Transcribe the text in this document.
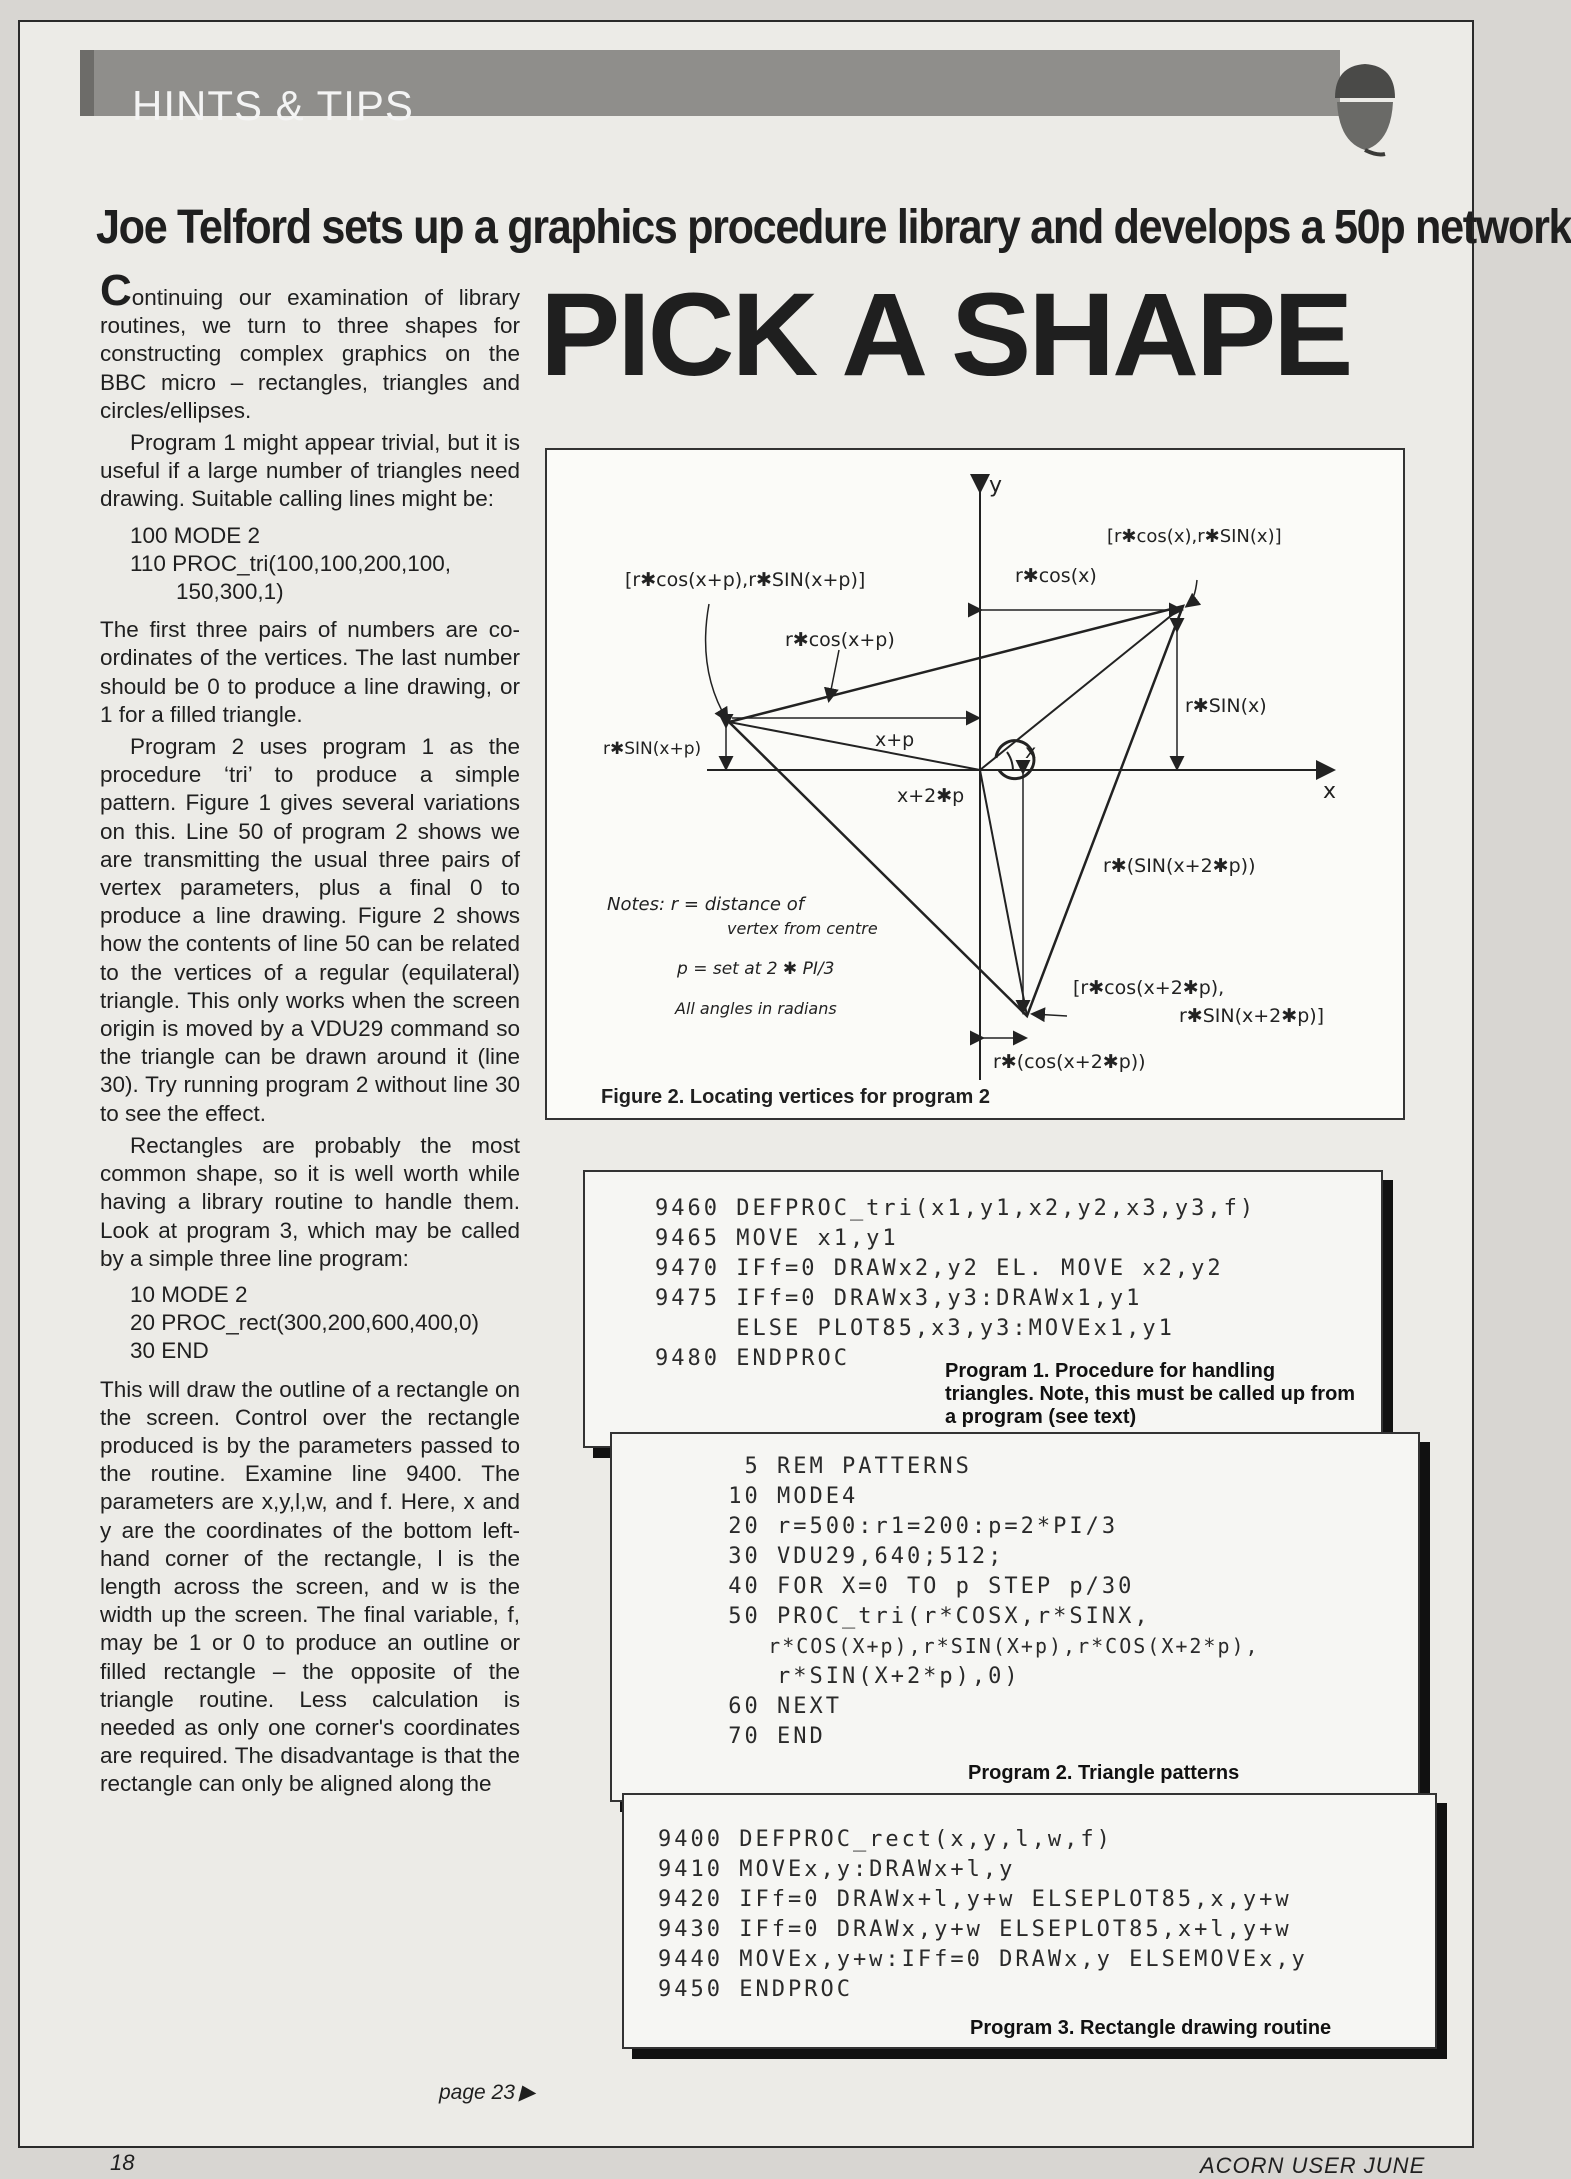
HINTS & TIPS
Joe Telford sets up a graphics procedure library and develops a 50p network
PICK A SHAPE

Continuing our examination of library routines, we turn to three shapes for constructing complex graphics on the BBC micro – rectangles, triangles and circles/ellipses.

Program 1 might appear trivial, but it is useful if a large number of triangles need drawing. Suitable calling lines might be:

100 MODE 2
110 PROC_tri(100,100,200,100,
150,300,1)

The first three pairs of numbers are co-ordinates of the vertices. The last number should be 0 to produce a line drawing, or 1 for a filled triangle.

Program 2 uses program 1 as the procedure ‘tri’ to produce a simple pattern. Figure 1 gives several variations on this. Line 50 of program 2 shows we are transmitting the usual three pairs of vertex parameters, plus a final 0 to produce a line drawing. Figure 2 shows how the contents of line 50 can be related to the vertices of a regular (equilateral) triangle. This only works when the screen origin is moved by a VDU29 command so the triangle can be drawn around it (line 30). Try running program 2 without line 30 to see the effect.

Rectangles are probably the most common shape, so it is well worth while having a library routine to handle them. Look at program 3, which may be called by a simple three line program:

10 MODE 2
20 PROC_rect(300,200,600,400,0)
30 END

This will draw the outline of a rectangle on the screen. Control over the rectangle produced is by the parameters passed to the routine. Examine line 9400. The parameters are x,y,l,w, and f. Here, x and y are the coordinates of the bottom left-hand corner of the rectangle, l is the length across the screen, and w is the width up the screen. The final variable, f, may be 1 or 0 to produce an outline or filled rectangle – the opposite of the triangle routine. Less calculation is needed as only one corner's coordinates are required. The disadvantage is that the rectangle can only be aligned along the

page 23 ▶
18	ACORN USER JUNE
y
x
[r✱cos(x),r✱SIN(x)]
[r✱cos(x+p),r✱SIN(x+p)]	r✱cos(x)
r✱cos(x+p)
r✱SIN(x)
r✱SIN(x+p)	x+p
x
x+2✱p
r✱(SIN(x+2✱p))
[r✱cos(x+2✱p),
r✱SIN(x+2✱p)]
r✱(cos(x+2✱p))
Notes: r = distance of
vertex from centre
p = set at 2 ✱ PI/3
All angles in radians
Figure 2. Locating vertices for program 2
9460 DEFPROC_tri(x1,y1,x2,y2,x3,y3,f)
9465 MOVE x1,y1
9470 IFf=0 DRAWx2,y2 EL. MOVE x2,y2
9475 IFf=0 DRAWx3,y3:DRAWx1,y1
ELSE PLOT85,x3,y3:MOVEx1,y1
9480 ENDPROC	Program 1. Procedure for handling triangles. Note, this must be called up from a program (see text)
5 REM PATTERNS
10 MODE4
20 r=500:r1=200:p=2*PI/3
30 VDU29,640;512;
40 FOR X=0 TO p STEP p/30
50 PROC_tri(r*COSX,r*SINX,
r*COS(X+p),r*SIN(X+p),r*COS(X+2*p),
r*SIN(X+2*p),0)
60 NEXT
70 END
Program 2. Triangle patterns
9400 DEFPROC_rect(x,y,l,w,f)
9410 MOVEx,y:DRAWx+l,y
9420 IFf=0 DRAWx+l,y+w ELSEPLOT85,x,y+w
9430 IFf=0 DRAWx,y+w ELSEPLOT85,x+l,y+w
9440 MOVEx,y+w:IFf=0 DRAWx,y ELSEMOVEx,y
9450 ENDPROC
Program 3. Rectangle drawing routine
